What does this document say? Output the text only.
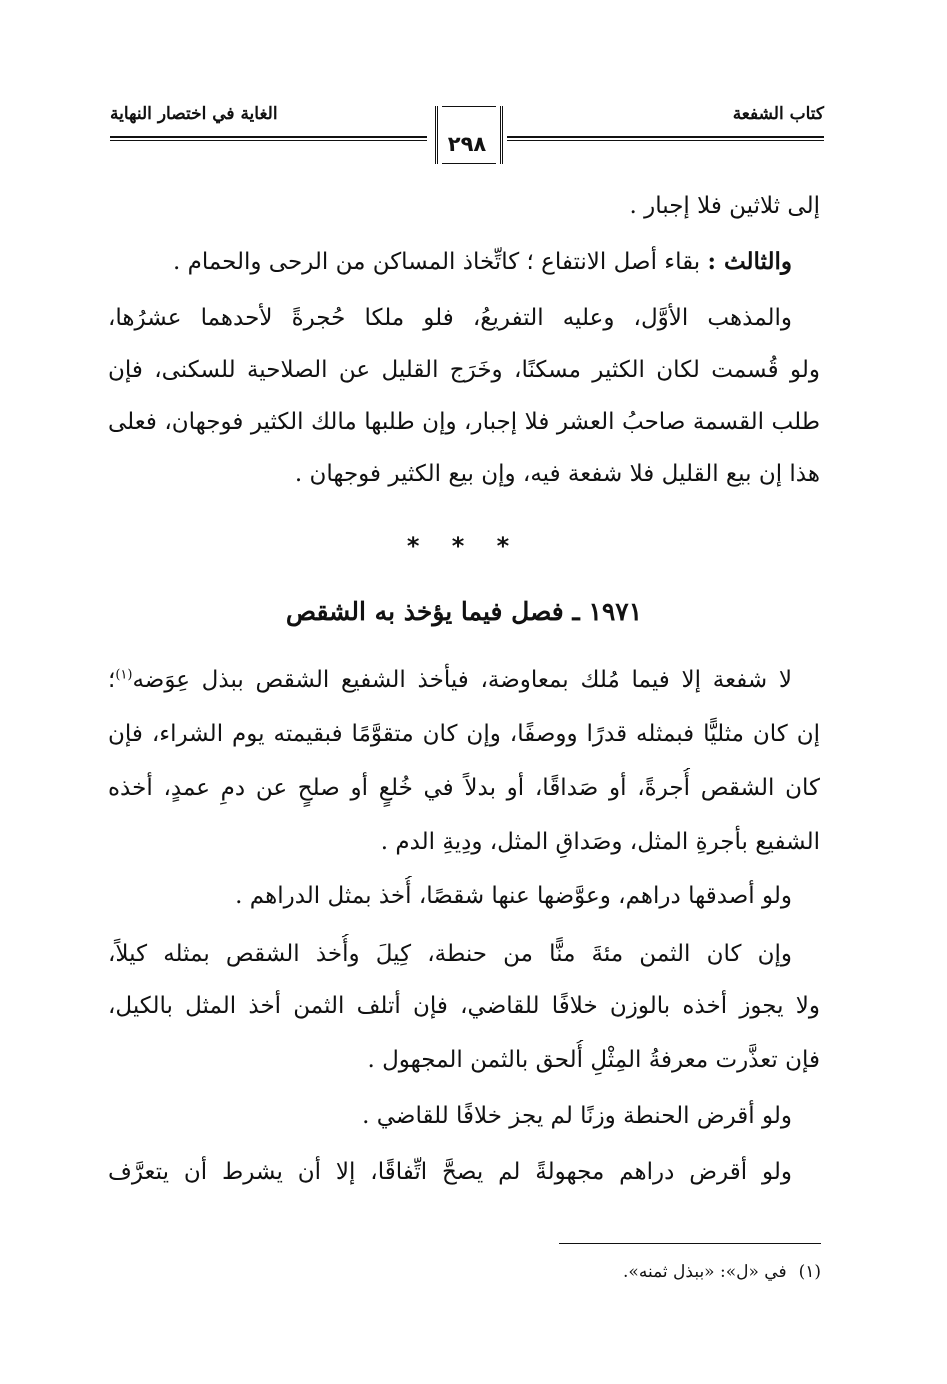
كتاب الشفعة
الغاية في اختصار النهاية
٢٩٨
إلى ثلاثين فلا إجبار .
والثالث : بقاء أصل الانتفاع ؛ كاتِّخاذ المساكن من الرحى والحمام .
والمذهب الأوَّل، وعليه التفريعُ، فلو ملكا حُجرةً لأحدهما عشرُها،
ولو قُسمت لكان الكثير مسكنًا، وخَرَج القليل عن الصلاحية للسكنى، فإن
طلب القسمة صاحبُ العشر فلا إجبار، وإن طلبها مالك الكثير فوجهان، فعلى
هذا إن بيع القليل فلا شفعة فيه، وإن بيع الكثير فوجهان .
* * *
١٩٧١ ـ فصل فيما يؤخذ به الشقص
لا شفعة إلا فيما مُلك بمعاوضة، فيأخذ الشفيع الشقص ببذل عِوَضه$^{(١)}$؛
إن كان مثليًّا فبمثله قدرًا ووصفًا، وإن كان متقوَّمًا فبقيمته يوم الشراء، فإن
كان الشقص أُجرةً، أو صَداقًا، أو بدلاً في خُلعٍ أو صلحٍ عن دمِ عمدٍ، أخذه
الشفيع بأجرةِ المثل، وصَداقِ المثل، ودِيةِ الدم .
ولو أصدقها دراهم، وعوَّضها عنها شقصًا، أُخذ بمثل الدراهم .
وإن كان الثمن مئةَ منًّا من حنطة، كِيلَ وأُخذ الشقص بمثله كيلاً،
ولا يجوز أخذه بالوزن خلافًا للقاضي، فإن أتلف الثمن أخذ المثل بالكيل،
فإن تعذَّرت معرفةُ المِثْلِ أُلحق بالثمن المجهول .
ولو أقرض الحنطة وزنًا لم يجز خلافًا للقاضي .
ولو أقرض دراهم مجهولةً لم يصحَّ اتِّفاقًا، إلا أن يشرط أن يتعرَّف
(١)في «ل»: «ببذل ثمنه».
